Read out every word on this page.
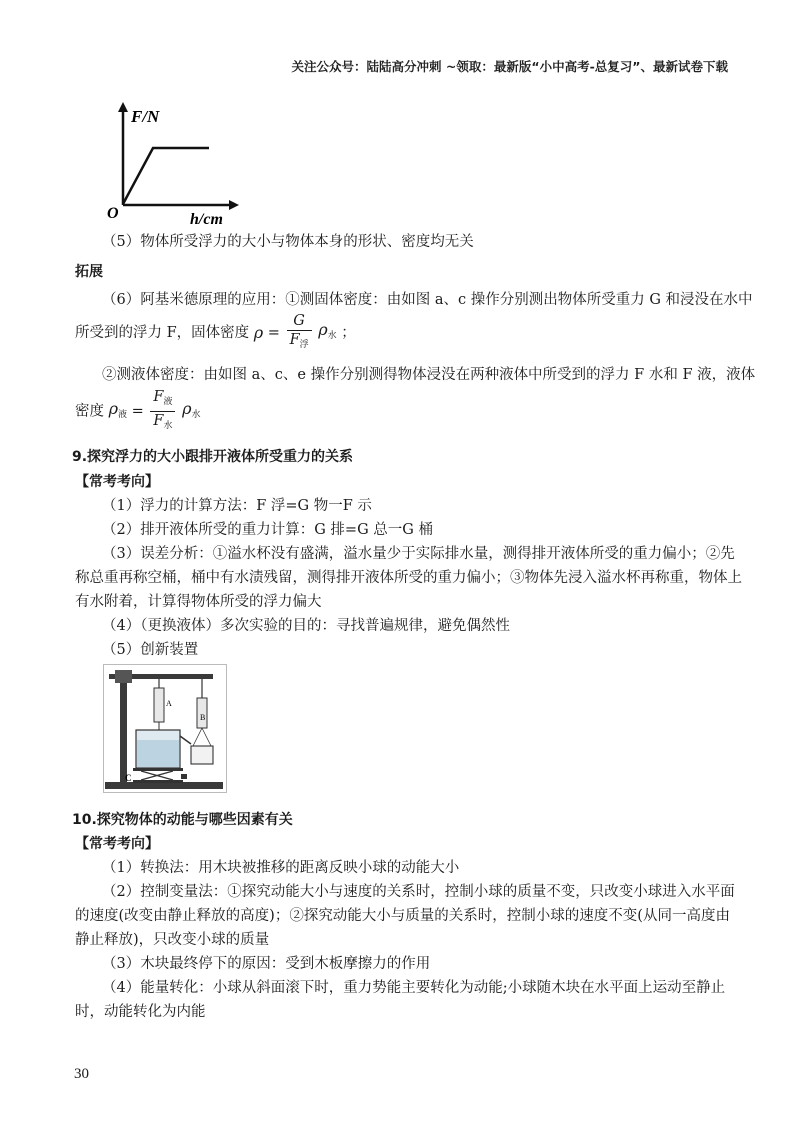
关注公众号：陆陆高分冲刺 ~领取：最新版“小中高考-总复习”、最新试卷下载
F/N
O	h/cm
（5）物体所受浮力的大小与物体本身的形状、密度均无关
拓展
（6）阿基米德原理的应用：①测固体密度：由如图 a、c 操作分别测出物体所受重力 G 和浸没在水中
所受到的浮力 F，固体密度 $\rho = \frac{G}{F_浮} \rho_水$ ；
②测液体密度：由如图 a、c、e 操作分别测得物体浸没在两种液体中所受到的浮力 F 水和 F 液，液体
密度 $\rho_液 = \frac{F_液}{F_水} \rho_水$
9.探究浮力的大小跟排开液体所受重力的关系
【常考考向】
（1）浮力的计算方法：F 浮=G 物一F 示
（2）排开液体所受的重力计算：G 排=G 总一G 桶
（3）误差分析：①溢水杯没有盛满，溢水量少于实际排水量，测得排开液体所受的重力偏小；②先
称总重再称空桶，桶中有水渍残留，测得排开液体所受的重力偏小；③物体先浸入溢水杯再称重，物体上
有水附着，计算得物体所受的浮力偏大
（4）（更换液体）多次实验的目的：寻找普遍规律，避免偶然性
（5）创新装置
A
B
C
10.探究物体的动能与哪些因素有关
【常考考向】
（1）转换法：用木块被推移的距离反映小球的动能大小
（2）控制变量法：①探究动能大小与速度的关系时，控制小球的质量不变，只改变小球进入水平面
的速度(改变由静止释放的高度)；②探究动能大小与质量的关系时，控制小球的速度不变(从同一高度由
静止释放)，只改变小球的质量
（3）木块最终停下的原因：受到木板摩擦力的作用
（4）能量转化：小球从斜面滚下时，重力势能主要转化为动能;小球随木块在水平面上运动至静止
时，动能转化为内能
30
